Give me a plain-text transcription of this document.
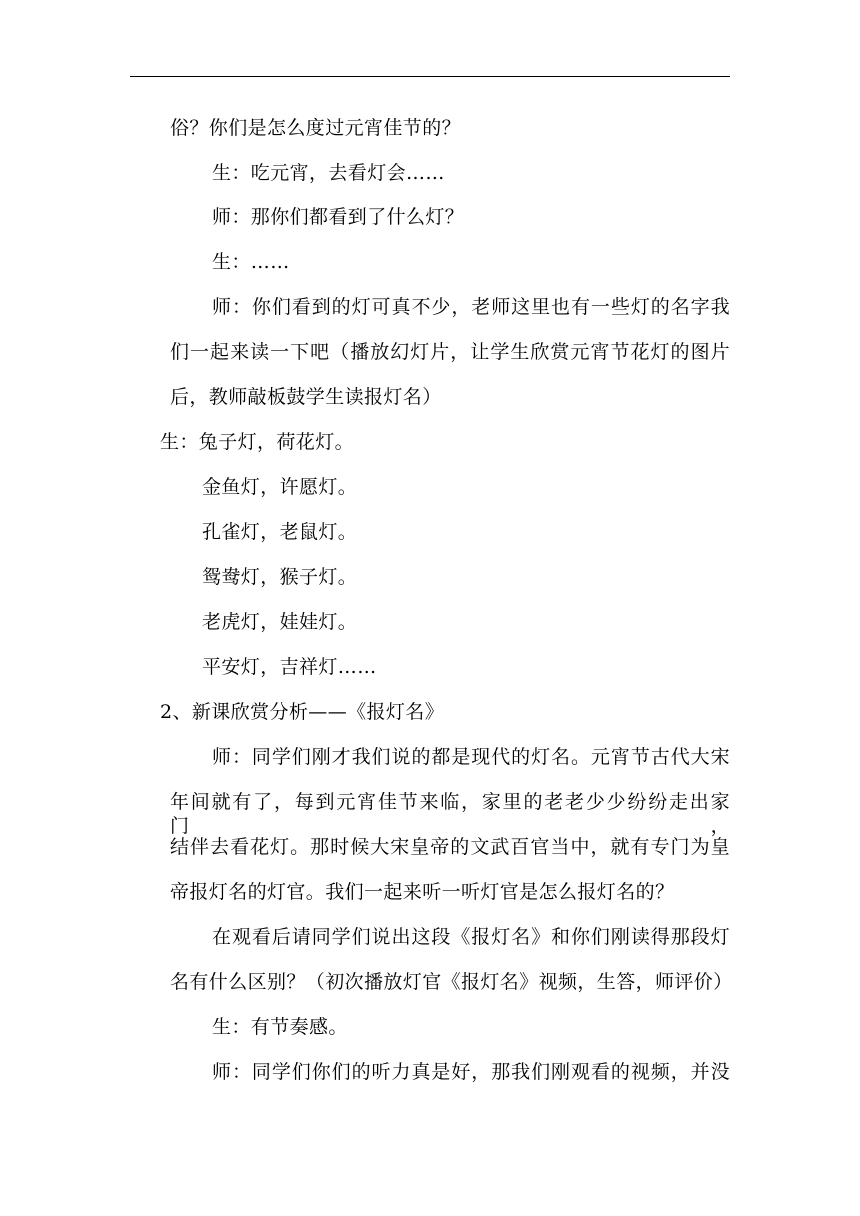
俗？你们是怎么度过元宵佳节的？
生：吃元宵，去看灯会……
师：那你们都看到了什么灯？
生：……
师：你们看到的灯可真不少，老师这里也有一些灯的名字我
们一起来读一下吧（播放幻灯片，让学生欣赏元宵节花灯的图片
后，教师敲板鼓学生读报灯名）
生：兔子灯，荷花灯。
金鱼灯，许愿灯。
孔雀灯，老鼠灯。
鸳鸯灯，猴子灯。
老虎灯，娃娃灯。
平安灯，吉祥灯……
2、新课欣赏分析——《报灯名》
师：同学们刚才我们说的都是现代的灯名。元宵节古代大宋
年间就有了，每到元宵佳节来临，家里的老老少少纷纷走出家门，
结伴去看花灯。那时候大宋皇帝的文武百官当中，就有专门为皇
帝报灯名的灯官。我们一起来听一听灯官是怎么报灯名的？
在观看后请同学们说出这段《报灯名》和你们刚读得那段灯
名有什么区别？（初次播放灯官《报灯名》视频，生答，师评价）
生：有节奏感。
师：同学们你们的听力真是好，那我们刚观看的视频，并没
